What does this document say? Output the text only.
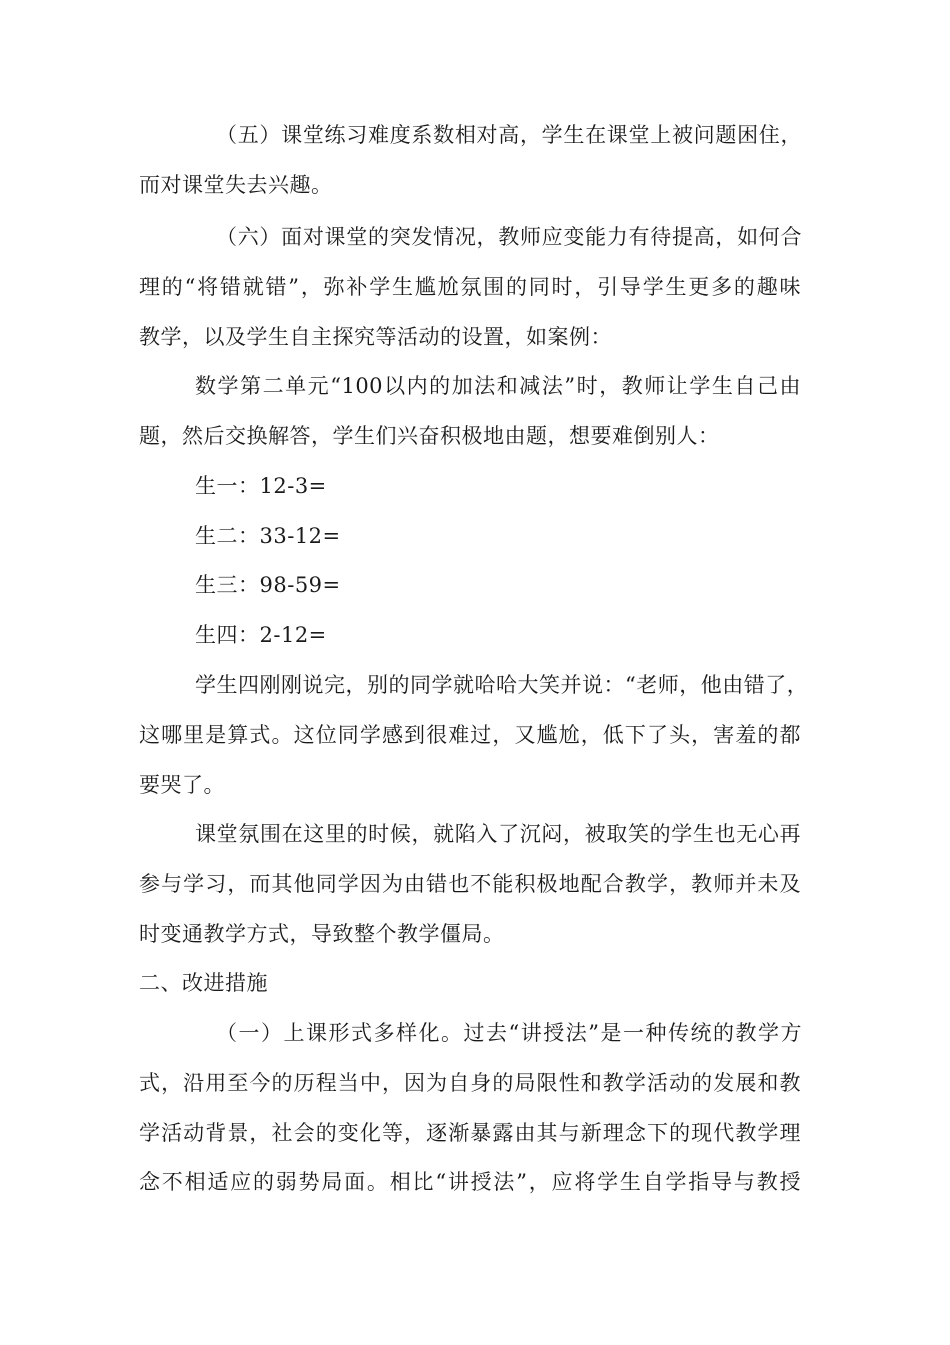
（五）课堂练习难度系数相对高，学生在课堂上被问题困住，
而对课堂失去兴趣。
（六）面对课堂的突发情况，教师应变能力有待提高，如何合
理的“将错就错”，弥补学生尴尬氛围的同时，引导学生更多的趣味
教学，以及学生自主探究等活动的设置，如案例：
数学第二单元“100以内的加法和减法”时，教师让学生自己由
题，然后交换解答，学生们兴奋积极地由题，想要难倒别人：
生一：12-3=
生二：33-12=
生三：98-59=
生四：2-12=
学生四刚刚说完，别的同学就哈哈大笑并说：“老师，他由错了，
这哪里是算式。这位同学感到很难过，又尴尬，低下了头，害羞的都
要哭了。
课堂氛围在这里的时候，就陷入了沉闷，被取笑的学生也无心再
参与学习，而其他同学因为由错也不能积极地配合教学，教师并未及
时变通教学方式，导致整个教学僵局。
二、改进措施
（一）上课形式多样化。过去“讲授法”是一种传统的教学方
式，沿用至今的历程当中，因为自身的局限性和教学活动的发展和教
学活动背景，社会的变化等，逐渐暴露由其与新理念下的现代教学理
念不相适应的弱势局面。相比“讲授法”，应将学生自学指导与教授
